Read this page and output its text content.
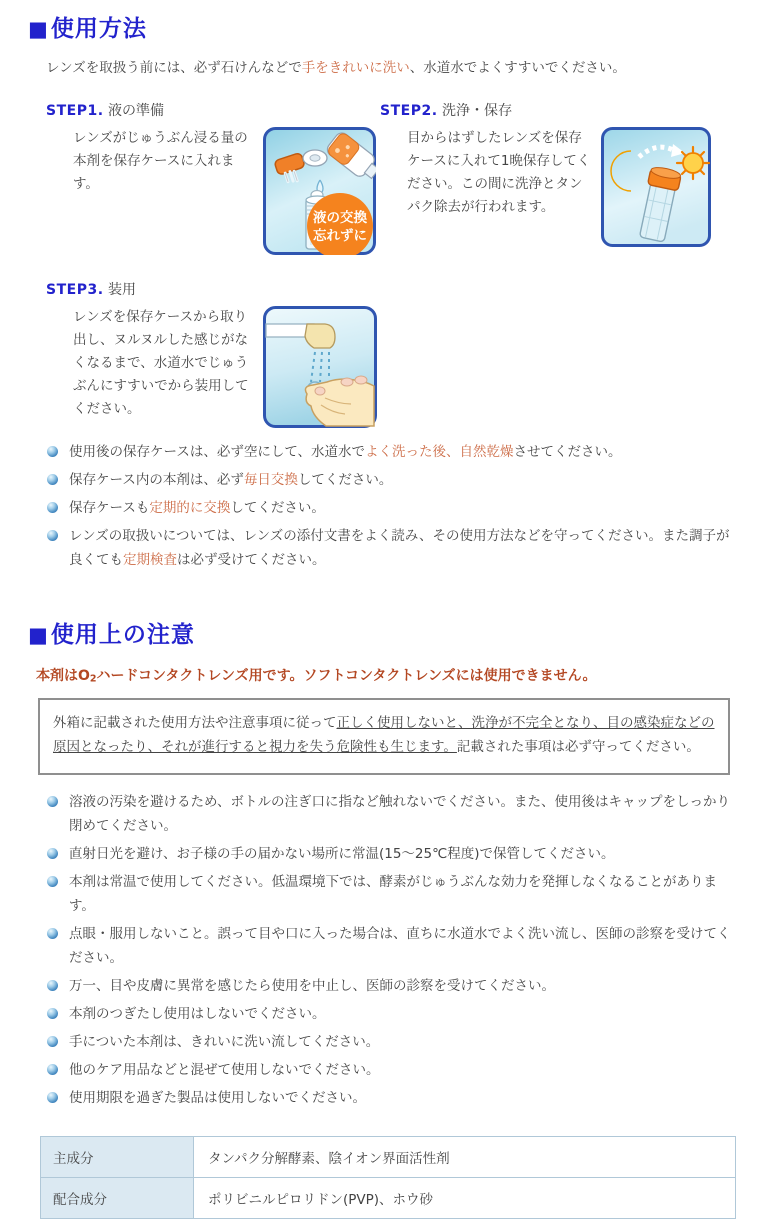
■使用方法

レンズを取扱う前には、必ず石けんなどで手をきれいに洗い、水道水でよくすすいでください。

STEP1. 液の準備
レンズがじゅうぶん浸る量の本剤を保存ケースに入れます。
液の交換
忘れずに
STEP2. 洗浄・保存
目からはずしたレンズを保存ケースに入れて1晩保存してください。この間に洗浄とタンパク除去が行われます。
STEP3. 装用
レンズを保存ケースから取り出し、ヌルヌルした感じがなくなるまで、水道水でじゅうぶんにすすいでから装用してください。
使用後の保存ケースは、必ず空にして、水道水でよく洗った後、自然乾燥させてください。
保存ケース内の本剤は、必ず毎日交換してください。
保存ケースも定期的に交換してください。
レンズの取扱いについては、レンズの添付文書をよく読み、その使用方法などを守ってください。また調子が良くても定期検査は必ず受けてください。
■使用上の注意

本剤はO2ハードコンタクトレンズ用です。ソフトコンタクトレンズには使用できません。

外箱に記載された使用方法や注意事項に従って正しく使用しないと、洗浄が不完全となり、目の感染症などの原因となったり、それが進行すると視力を失う危険性も生じます。記載された事項は必ず守ってください。
溶液の汚染を避けるため、ボトルの注ぎ口に指など触れないでください。また、使用後はキャップをしっかり閉めてください。
直射日光を避け、お子様の手の届かない場所に常温(15～25℃程度)で保管してください。
本剤は常温で使用してください。低温環境下では、酵素がじゅうぶんな効力を発揮しなくなることがあります。
点眼・服用しないこと。誤って目や口に入った場合は、直ちに水道水でよく洗い流し、医師の診察を受けてください。
万一、目や皮膚に異常を感じたら使用を中止し、医師の診察を受けてください。
本剤のつぎたし使用はしないでください。
手についた本剤は、きれいに洗い流してください。
他のケア用品などと混ぜて使用しないでください。
使用期限を過ぎた製品は使用しないでください。
主成分	タンパク分解酵素、陰イオン界面活性剤
配合成分	ポリビニルピロリドン(PVP)、ホウ砂
